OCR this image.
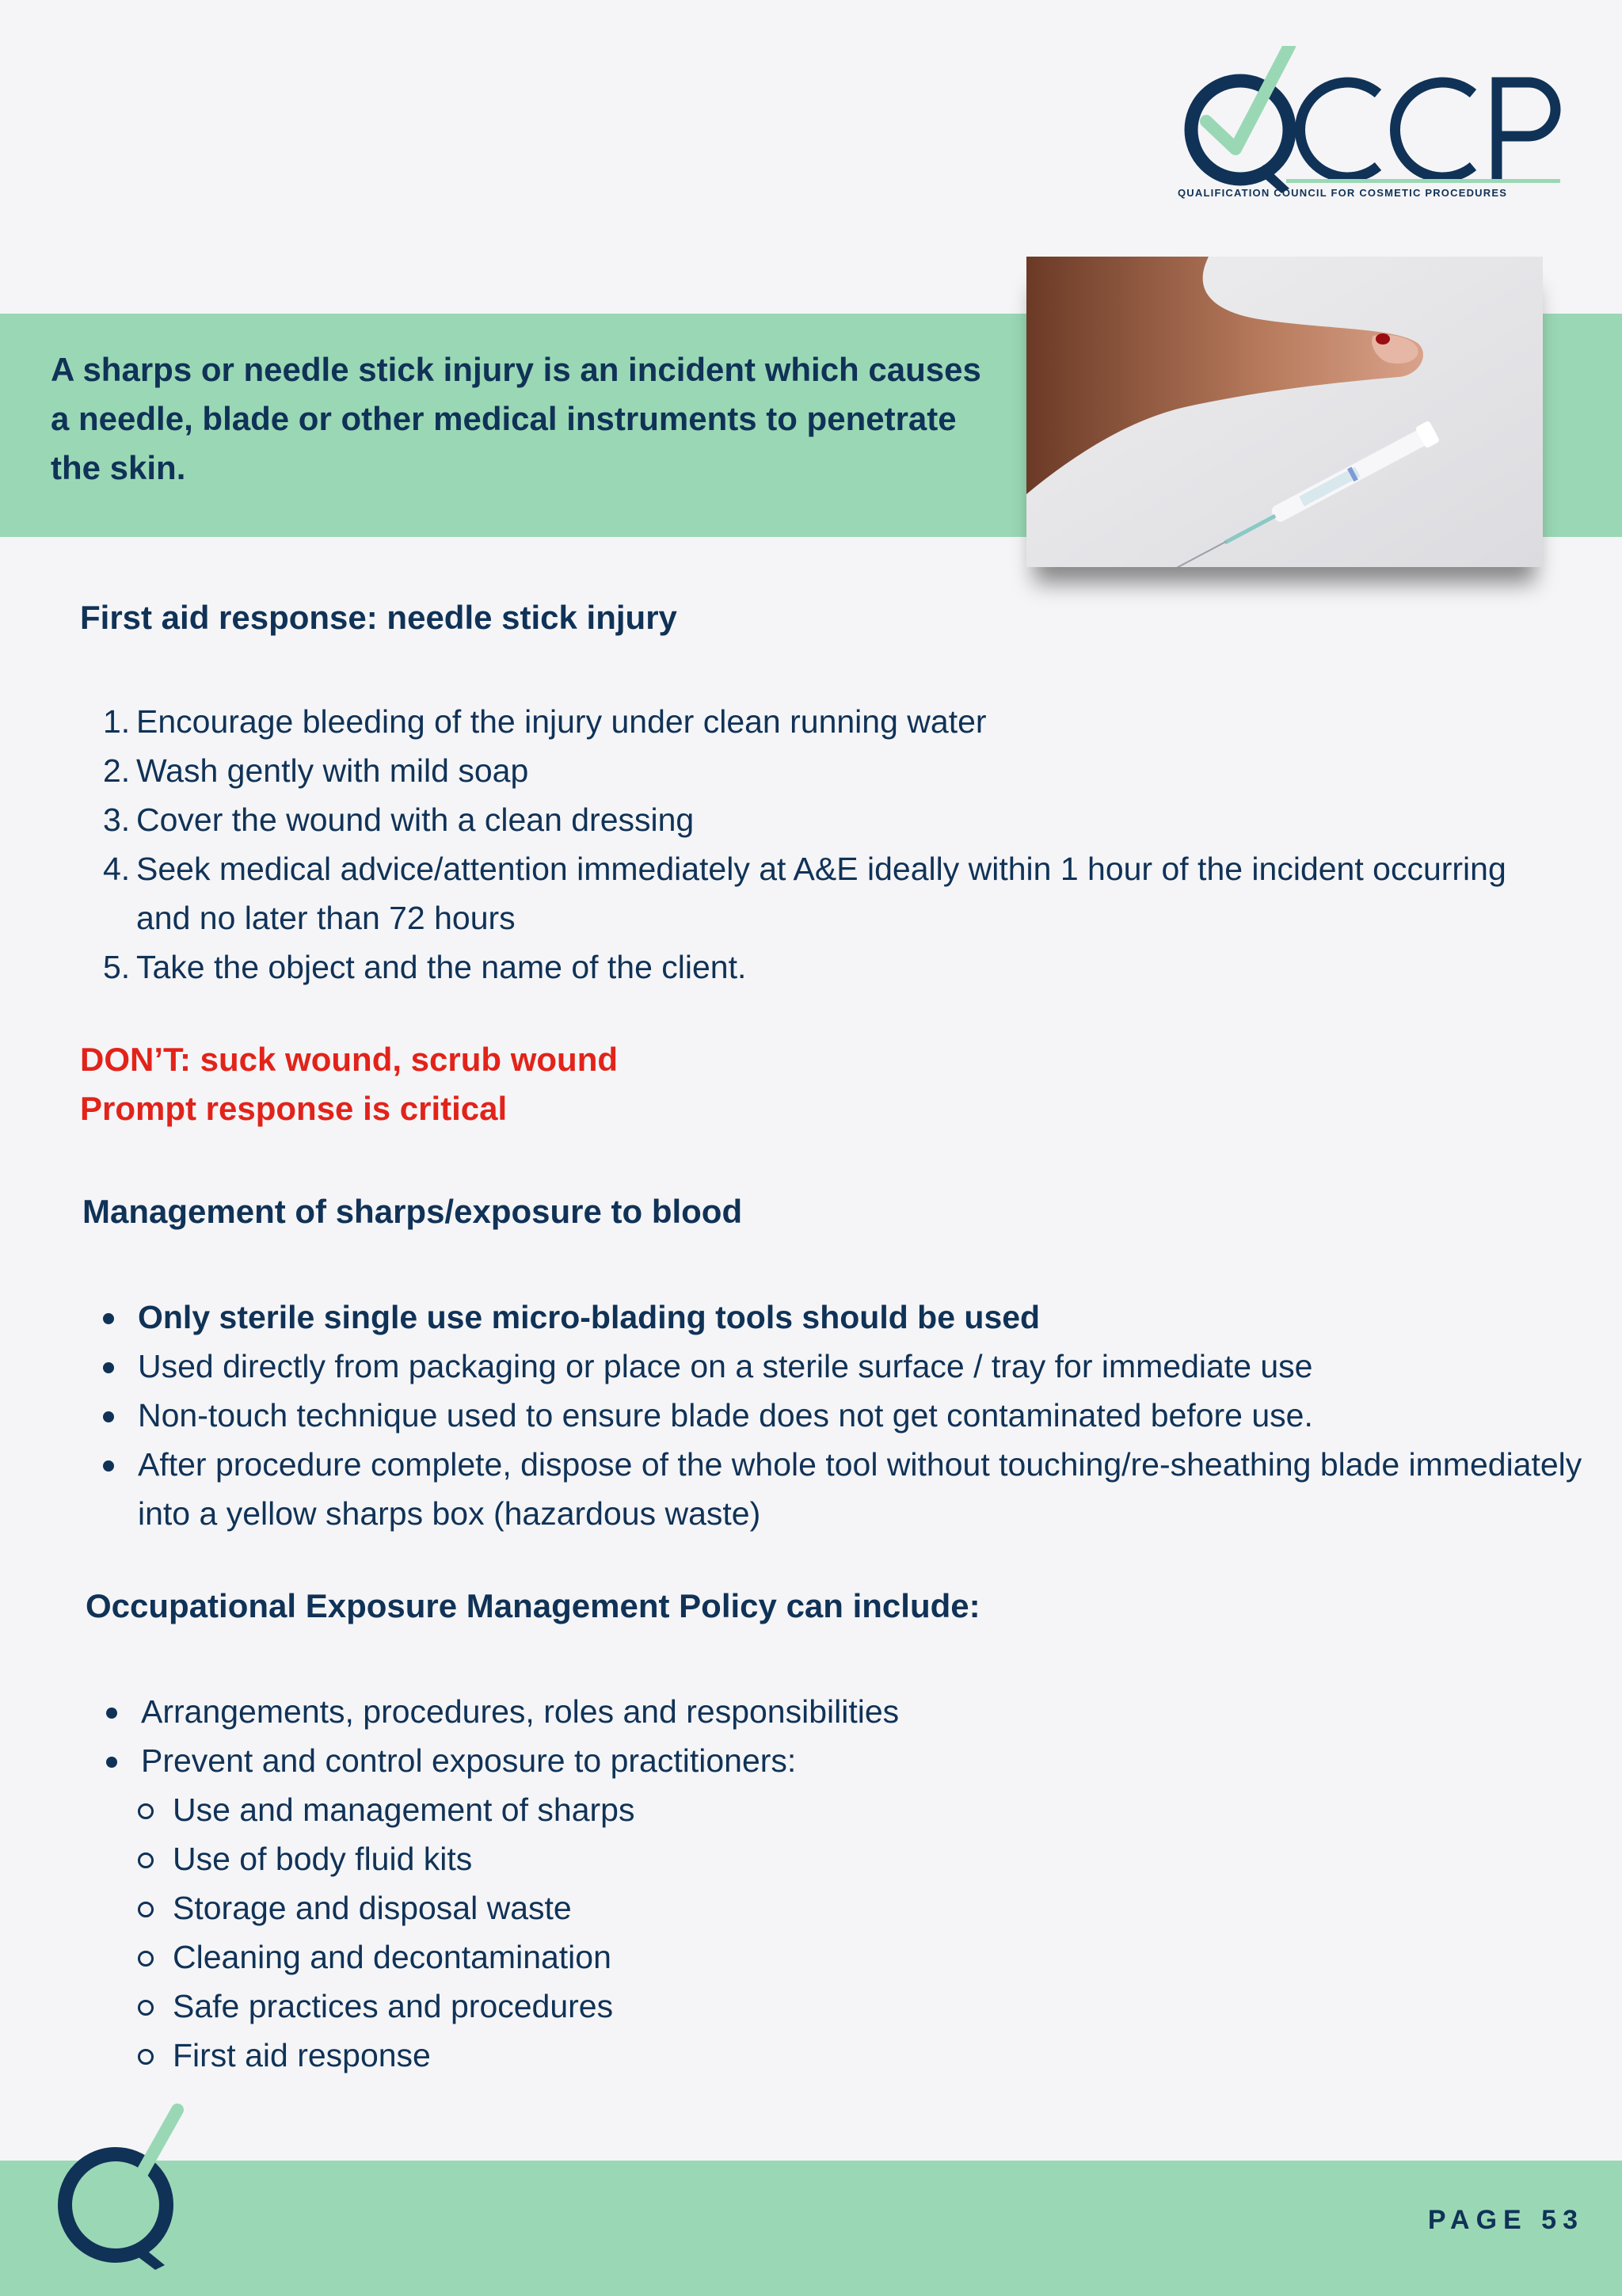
QUALIFICATION COUNCIL FOR COSMETIC PROCEDURES
A sharps or needle stick injury is an incident which causes a needle, blade or other medical instruments to penetrate the skin.
First aid response: needle stick injury
1. Encourage bleeding of the injury under clean running water
2. Wash gently with mild soap
3. Cover the wound with a clean dressing
4. Seek medical advice/attention immediately at A&E ideally within 1 hour of the incident occurring and no later than 72 hours
5. Take the object and the name of the client.
DON’T: suck wound, scrub wound
Prompt response is critical
Management of sharps/exposure to blood
Only sterile single use micro-blading tools should be used
Used directly from packaging or place on a sterile surface / tray for immediate use
Non-touch technique used to ensure blade does not get contaminated before use.
After procedure complete, dispose of the whole tool without touching/re-sheathing blade immediately into a yellow sharps box (hazardous waste)
Occupational Exposure Management Policy can include:
Arrangements, procedures, roles and responsibilities
Prevent and control exposure to practitioners:
Use and management of sharps
Use of body fluid kits
Storage and disposal waste
Cleaning and decontamination
Safe practices and procedures
First aid response
PAGE 53
